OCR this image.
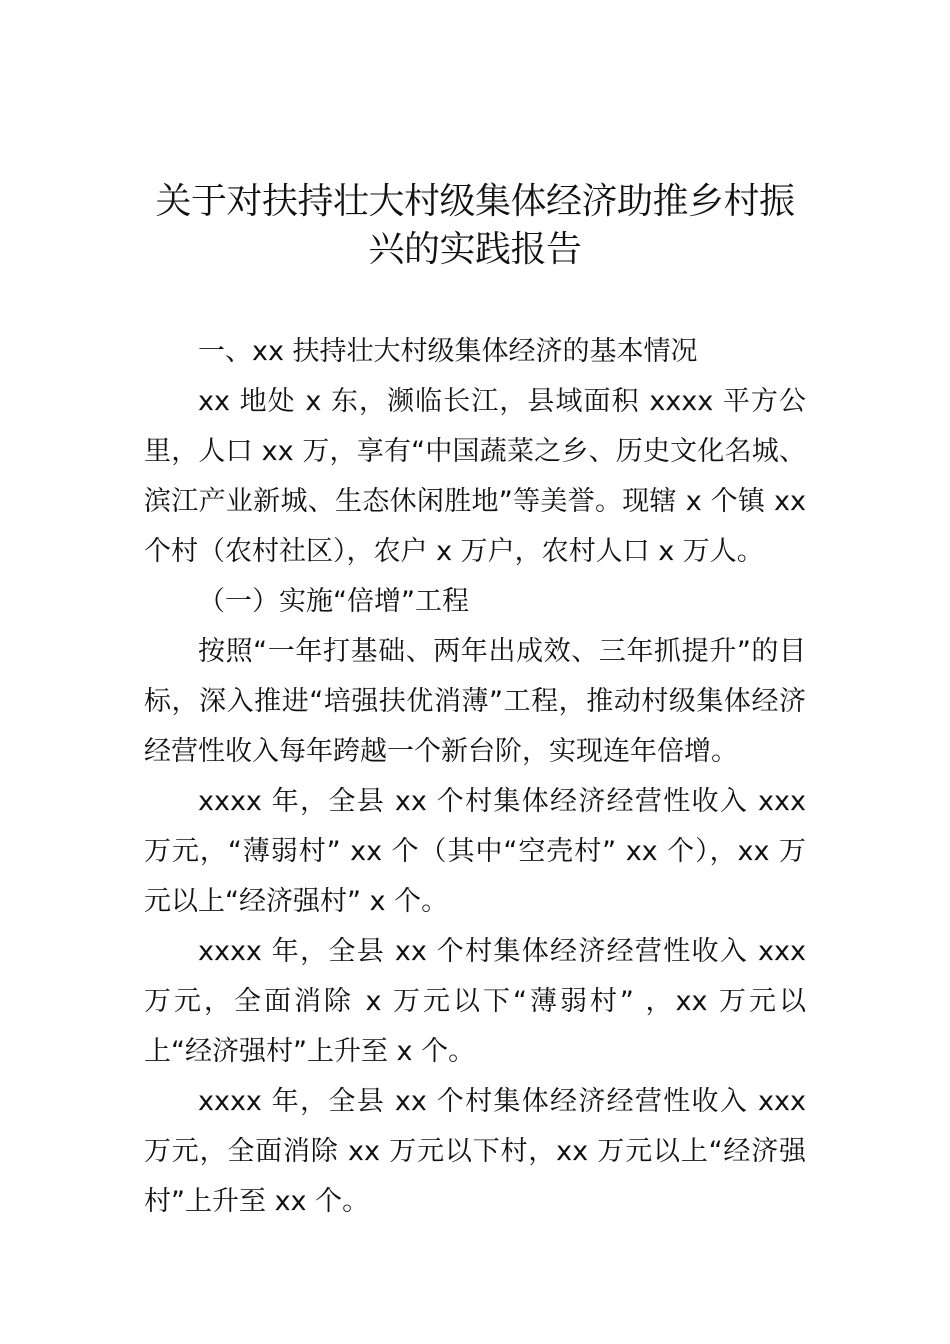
关于对扶持壮大村级集体经济助推乡村振兴的实践报告

一、xx 扶持壮大村级集体经济的基本情况

xx 地处 x 东，濒临长江，县域面积 xxxx 平方公里，人口 xx 万，享有“中国蔬菜之乡、历史文化名城、滨江产业新城、生态休闲胜地”等美誉。现辖 x 个镇 xx 个村（农村社区），农户 x 万户，农村人口 x 万人。

（一）实施“倍增”工程

按照“一年打基础、两年出成效、三年抓提升”的目标，深入推进“培强扶优消薄”工程，推动村级集体经济经营性收入每年跨越一个新台阶，实现连年倍增。

xxxx 年，全县 xx 个村集体经济经营性收入 xxx 万元，“薄弱村” xx 个（其中“空壳村” xx 个），xx 万元以上“经济强村” x 个。

xxxx 年，全县 xx 个村集体经济经营性收入 xxx 万元，全面消除 x 万元以下“薄弱村” ，xx 万元以上“经济强村”上升至 x 个。

xxxx 年，全县 xx 个村集体经济经营性收入 xxx 万元，全面消除 xx 万元以下村，xx 万元以上“经济强村”上升至 xx 个。
